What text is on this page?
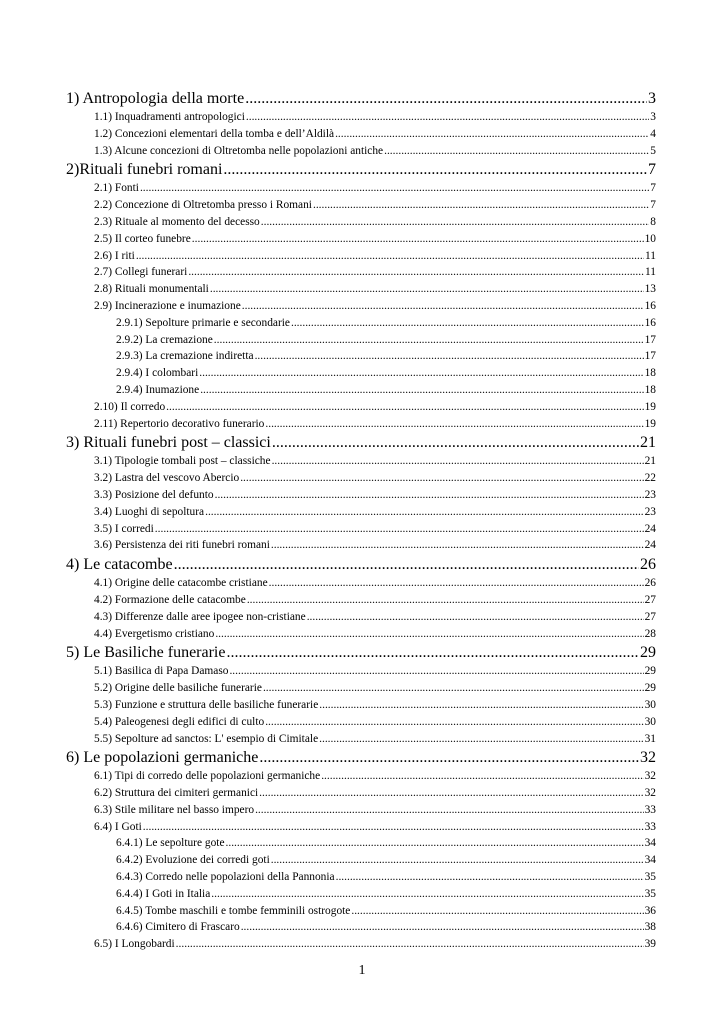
1) Antropologia della morte .....	3
1.1) Inquadramenti antropologici .....	3
1.2) Concezioni elementari della tomba e dell’Aldilà .....	4
1.3) Alcune concezioni di Oltretomba nelle popolazioni antiche .....	5
2)Rituali funebri romani .....	7
2.1) Fonti .....	7
2.2) Concezione di Oltretomba presso i Romani .....	7
2.3) Rituale al momento del decesso .....	8
2.5) Il corteo funebre .....	10
2.6) I riti .....	11
2.7) Collegi funerari .....	11
2.8) Rituali monumentali .....	13
2.9) Incinerazione e inumazione .....	16
2.9.1) Sepolture primarie e secondarie .....	16
2.9.2) La cremazione .....	17
2.9.3) La cremazione indiretta .....	17
2.9.4) I colombari .....	18
2.9.4) Inumazione .....	18
2.10) Il corredo .....	19
2.11) Repertorio decorativo funerario .....	19
3) Rituali funebri post – classici .....	21
3.1) Tipologie tombali post – classiche .....	21
3.2) Lastra del vescovo Abercio .....	22
3.3) Posizione del defunto .....	23
3.4) Luoghi di sepoltura .....	23
3.5) I corredi .....	24
3.6) Persistenza dei riti funebri romani .....	24
4) Le catacombe .....	26
4.1) Origine delle catacombe cristiane .....	26
4.2) Formazione delle catacombe .....	27
4.3) Differenze dalle aree ipogee non-cristiane .....	27
4.4) Evergetismo cristiano .....	28
5) Le Basiliche funerarie .....	29
5.1) Basilica di Papa Damaso .....	29
5.2) Origine delle basiliche funerarie .....	29
5.3) Funzione e struttura delle basiliche funerarie .....	30
5.4) Paleogenesi degli edifici di culto .....	30
5.5) Sepolture ad sanctos: L' esempio di Cimitale .....	31
6) Le popolazioni germaniche .....	32
6.1) Tipi di corredo delle popolazioni germaniche .....	32
6.2) Struttura dei cimiteri germanici .....	32
6.3) Stile militare nel basso impero .....	33
6.4) I Goti .....	33
6.4.1) Le sepolture gote .....	34
6.4.2) Evoluzione dei corredi goti .....	34
6.4.3) Corredo nelle popolazioni della Pannonia .....	35
6.4.4) I Goti in Italia .....	35
6.4.5) Tombe maschili e tombe femminili ostrogote .....	36
6.4.6) Cimitero di Frascaro .....	38
6.5) I Longobardi .....	39
1
